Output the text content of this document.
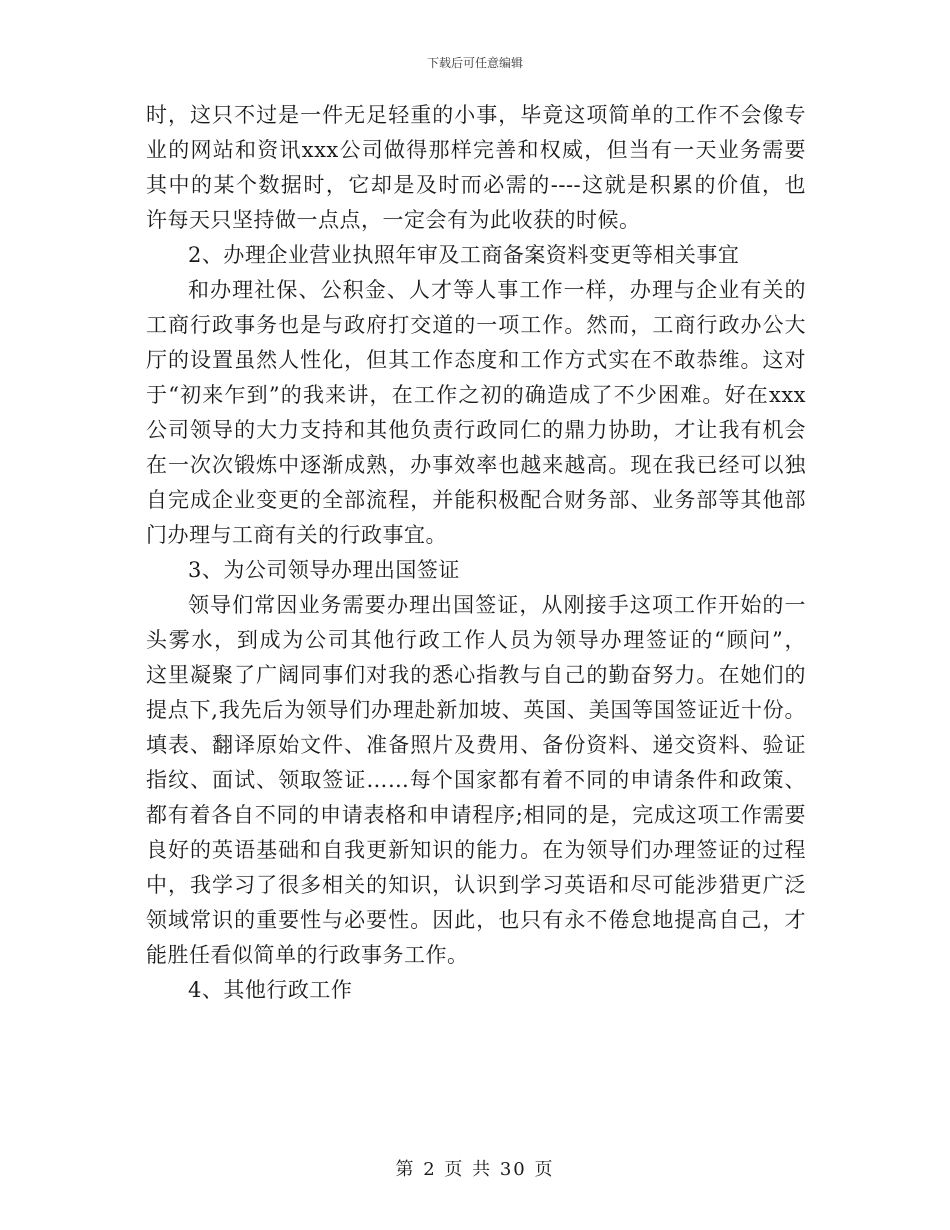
下载后可任意编辑
时，这只不过是一件无足轻重的小事，毕竟这项简单的工作不会像专
业的网站和资讯xxx公司做得那样完善和权威，但当有一天业务需要
其中的某个数据时，它却是及时而必需的----这就是积累的价值，也
许每天只坚持做一点点，一定会有为此收获的时候。
2、办理企业营业执照年审及工商备案资料变更等相关事宜
和办理社保、公积金、人才等人事工作一样，办理与企业有关的
工商行政事务也是与政府打交道的一项工作。然而，工商行政办公大
厅的设置虽然人性化，但其工作态度和工作方式实在不敢恭维。这对
于“初来乍到”的我来讲，在工作之初的确造成了不少困难。好在xxx
公司领导的大力支持和其他负责行政同仁的鼎力协助，才让我有机会
在一次次锻炼中逐渐成熟，办事效率也越来越高。现在我已经可以独
自完成企业变更的全部流程，并能积极配合财务部、业务部等其他部
门办理与工商有关的行政事宜。
3、为公司领导办理出国签证
领导们常因业务需要办理出国签证，从刚接手这项工作开始的一
头雾水，到成为公司其他行政工作人员为领导办理签证的“顾问”，
这里凝聚了广阔同事们对我的悉心指教与自己的勤奋努力。在她们的
提点下,我先后为领导们办理赴新加坡、英国、美国等国签证近十份。
填表、翻译原始文件、准备照片及费用、备份资料、递交资料、验证
指纹、面试、领取签证……每个国家都有着不同的申请条件和政策、
都有着各自不同的申请表格和申请程序;相同的是，完成这项工作需要
良好的英语基础和自我更新知识的能力。在为领导们办理签证的过程
中，我学习了很多相关的知识，认识到学习英语和尽可能涉猎更广泛
领域常识的重要性与必要性。因此，也只有永不倦怠地提高自己，才
能胜任看似简单的行政事务工作。
4、其他行政工作
第 2 页 共 30 页
